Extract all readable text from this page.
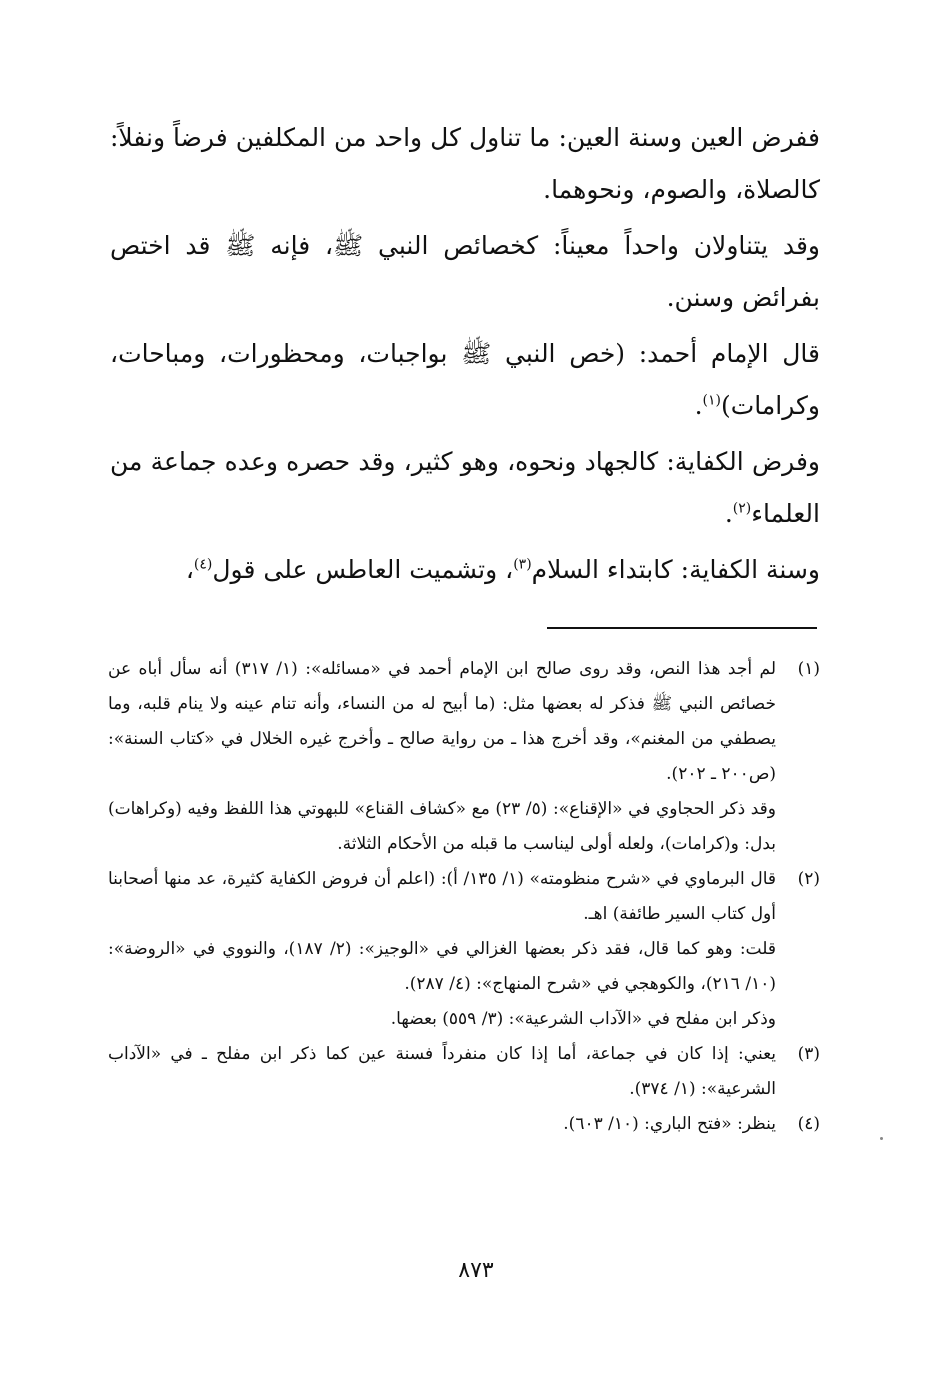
ففرض العين وسنة العين: ما تناول كل واحد من المكلفين فرضاً ونفلاً: كالصلاة، والصوم، ونحوهما.

وقد يتناولان واحداً معيناً: كخصائص النبي ﷺ، فإنه ﷺ قد اختص بفرائض وسنن.

قال الإمام أحمد: (خص النبي ﷺ بواجبات، ومحظورات، ومباحات، وكرامات)$^{(١)}$.

وفرض الكفاية: كالجهاد ونحوه، وهو كثير، وقد حصره وعده جماعة من العلماء$^{(٢)}$.

وسنة الكفاية: كابتداء السلام$^{(٣)}$، وتشميت العاطس على قول$^{(٤)}$،

(١)

لم أجد هذا النص، وقد روى صالح ابن الإمام أحمد في «مسائله»: (١/ ٣١٧) أنه سأل أباه عن خصائص النبي ﷺ فذكر له بعضها مثل: (ما أبيح له من النساء، وأنه تنام عينه ولا ينام قلبه، وما يصطفي من المغنم»، وقد أخرج هذا ـ من رواية صالح ـ وأخرج غيره الخلال في «كتاب السنة»: (ص٢٠٠ ـ ٢٠٢).

وقد ذكر الحجاوي في «الإقناع»: (٥/ ٢٣) مع «كشاف القناع» للبهوتي هذا اللفظ وفيه (وكراهات) بدل: و(كرامات)، ولعله أولى ليناسب ما قبله من الأحكام الثلاثة.

(٢)

قال البرماوي في «شرح منظومته» (١/ ١٣٥/ أ): (اعلم أن فروض الكفاية كثيرة، عد منها أصحابنا أول كتاب السير طائفة) اهـ.

قلت: وهو كما قال، فقد ذكر بعضها الغزالي في «الوجيز»: (٢/ ١٨٧)، والنووي في «الروضة»: (١٠/ ٢١٦)، والكوهجي في «شرح المنهاج»: (٤/ ٢٨٧).

وذكر ابن مفلح في «الآداب الشرعية»: (٣/ ٥٥٩) بعضها.

(٣)

يعني: إذا كان في جماعة، أما إذا كان منفرداً فسنة عين كما ذكر ابن مفلح ـ في «الآداب الشرعية»: (١/ ٣٧٤).

(٤)

ينظر: «فتح الباري: (١٠/ ٦٠٣).

٨٧٣
